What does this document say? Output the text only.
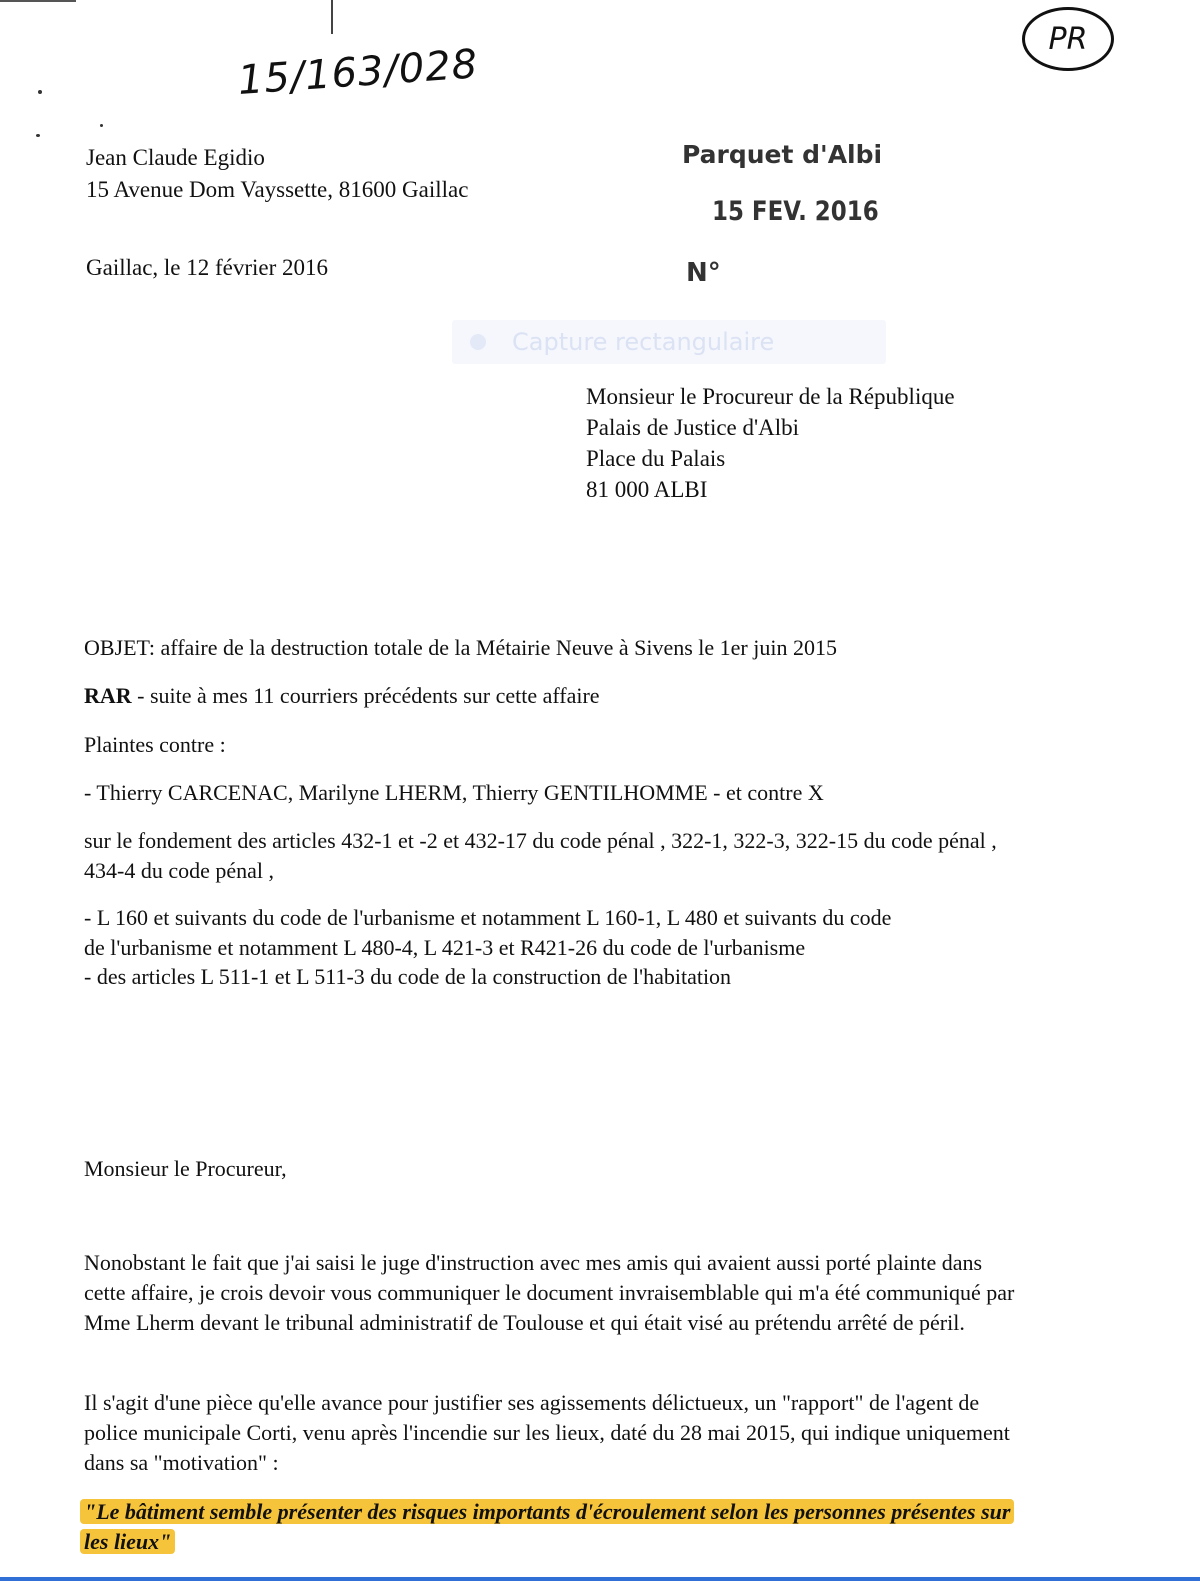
15/163/028
PR
Jean Claude Egidio
15 Avenue Dom Vayssette, 81600 Gaillac
Parquet d'Albi
15 FEV. 2016
N°
Gaillac, le 12 février 2016
Capture rectangulaire
Monsieur le Procureur de la République
Palais de Justice d'Albi
Place du Palais
81 000 ALBI
OBJET: affaire de la destruction totale de la Métairie Neuve à Sivens le 1er juin 2015
RAR - suite à mes 11 courriers précédents sur cette affaire
Plaintes contre :
- Thierry CARCENAC, Marilyne LHERM, Thierry GENTILHOMME - et contre X
sur le fondement des articles 432-1 et -2 et 432-17 du code pénal , 322-1, 322-3, 322-15 du code pénal , 434-4 du code pénal ,
- L 160 et suivants du code de l'urbanisme et notamment L 160-1, L 480 et suivants du code
de l'urbanisme et notamment L 480-4, L 421-3 et R421-26 du code de l'urbanisme
- des articles L 511-1 et L 511-3 du code de la construction de l'habitation
Monsieur le Procureur,
Nonobstant le fait que j'ai saisi le juge d'instruction avec mes amis qui avaient aussi porté plainte dans cette affaire, je crois devoir vous communiquer le document invraisemblable qui m'a été communiqué par Mme Lherm devant le tribunal administratif de Toulouse et qui était visé au prétendu arrêté de péril.
Il s'agit d'une pièce qu'elle avance pour justifier ses agissements délictueux, un "rapport" de l'agent de police municipale Corti, venu après l'incendie sur les lieux, daté du 28 mai 2015, qui indique uniquement dans sa "motivation" :
"Le bâtiment semble présenter des risques importants d'écroulement selon les personnes présentes sur les lieux"
